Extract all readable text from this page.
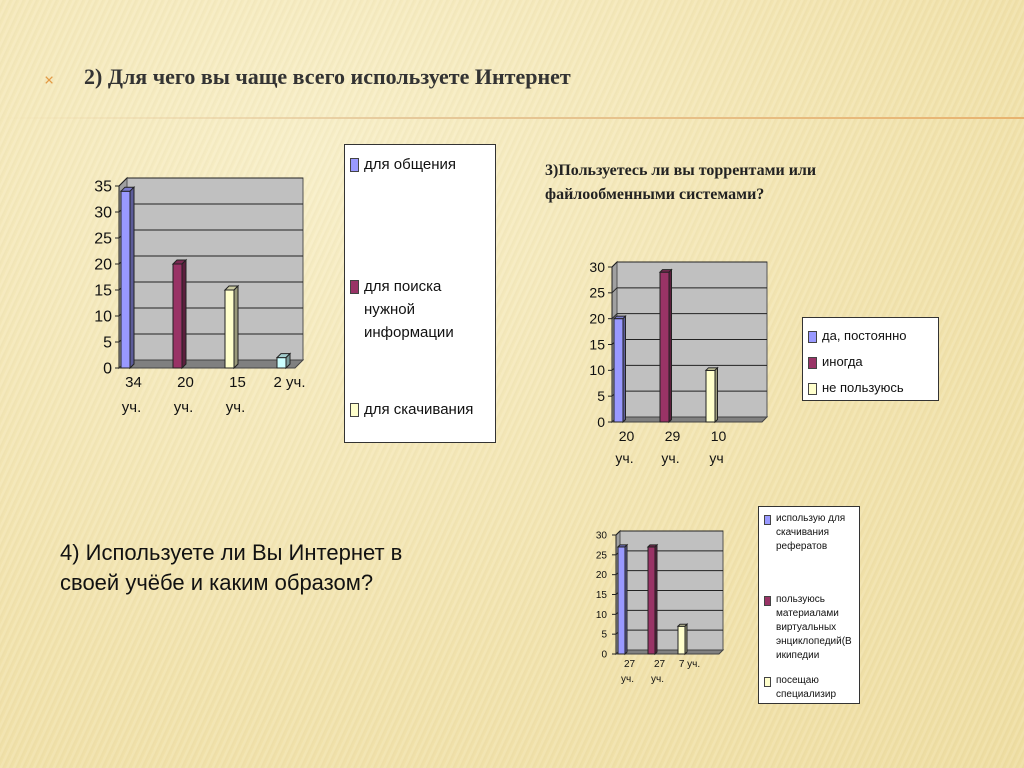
× 2) Для чего вы чаще всего используете Интернет
3)Пользуетесь ли вы торрентами или файлообменными системами?
4) Используете ли Вы Интернет в своей учёбе и каким образом?
0
5
10
15
20
25
30
35
34
уч.
20
уч.
15
уч.
2 уч.
для общения
для поиска нужной информации
для скачивания
0
5
10
15
20
25
30
20
уч.
29
уч.
10
уч
да, постоянно
иногда
не пользуюсь
0
5
10
15
20
25
30
27
уч.
27
уч.
7 уч.
использую для скачивания рефератов
пользуюсь материалами виртуальных энциклопедий(Википедии
посещаю специализир
